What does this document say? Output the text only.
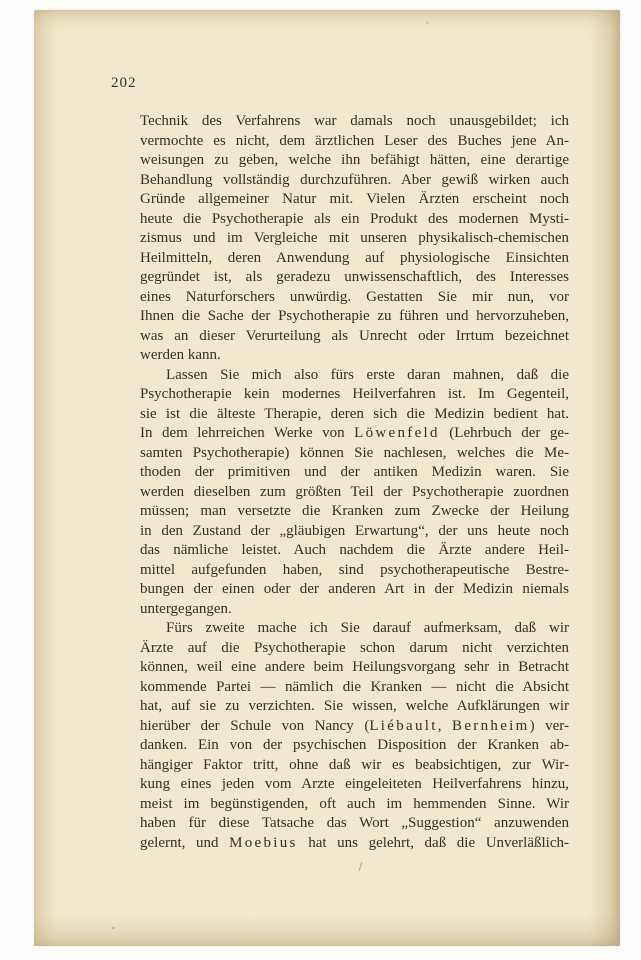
202
Technik des Verfahrens war damals noch unausgebildet; ich
vermochte es nicht, dem ärztlichen Leser des Buches jene An-
weisungen zu geben, welche ihn befähigt hätten, eine derartige
Behandlung vollständig durchzuführen. Aber gewiß wirken auch
Gründe allgemeiner Natur mit. Vielen Ärzten erscheint noch
heute die Psychotherapie als ein Produkt des modernen Mysti-
zismus und im Vergleiche mit unseren physikalisch-chemischen
Heilmitteln, deren Anwendung auf physiologische Einsichten
gegründet ist, als geradezu unwissenschaftlich, des Interesses
eines Naturforschers unwürdig. Gestatten Sie mir nun, vor
Ihnen die Sache der Psychotherapie zu führen und hervorzuheben,
was an dieser Verurteilung als Unrecht oder Irrtum bezeichnet
werden kann.
Lassen Sie mich also fürs erste daran mahnen, daß die
Psychotherapie kein modernes Heilverfahren ist. Im Gegenteil,
sie ist die älteste Therapie, deren sich die Medizin bedient hat.
In dem lehrreichen Werke von Löwenfeld (Lehrbuch der ge-
samten Psychotherapie) können Sie nachlesen, welches die Me-
thoden der primitiven und der antiken Medizin waren. Sie
werden dieselben zum größten Teil der Psychotherapie zuordnen
müssen; man versetzte die Kranken zum Zwecke der Heilung
in den Zustand der „gläubigen Erwartung“, der uns heute noch
das nämliche leistet. Auch nachdem die Ärzte andere Heil-
mittel aufgefunden haben, sind psychotherapeutische Bestre-
bungen der einen oder der anderen Art in der Medizin niemals
untergegangen.
Fürs zweite mache ich Sie darauf aufmerksam, daß wir
Ärzte auf die Psychotherapie schon darum nicht verzichten
können, weil eine andere beim Heilungsvorgang sehr in Betracht
kommende Partei — nämlich die Kranken — nicht die Absicht
hat, auf sie zu verzichten. Sie wissen, welche Aufklärungen wir
hierüber der Schule von Nancy (Liébault, Bernheim) ver-
danken. Ein von der psychischen Disposition der Kranken ab-
hängiger Faktor tritt, ohne daß wir es beabsichtigen, zur Wir-
kung eines jeden vom Arzte eingeleiteten Heilverfahrens hinzu,
meist im begünstigenden, oft auch im hemmenden Sinne. Wir
haben für diese Tatsache das Wort „Suggestion“ anzuwenden
gelernt, und Moebius hat uns gelehrt, daß die Unverläßlich-
